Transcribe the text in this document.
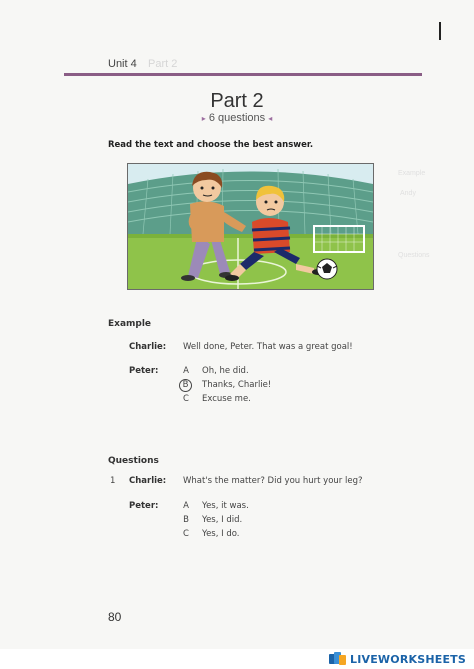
Unit 4 Part 2
Part 2
▸ 6 questions ◂
Read the text and choose the best answer.
Example
Andy
Questions
Example
Charlie: Well done, Peter. That was a great goal!
Peter:	A	Oh, he did.
B	Thanks, Charlie!
C	Excuse me.
Questions
1 Charlie: What's the matter? Did you hurt your leg?
Peter:	A	Yes, it was.
B	Yes, I did.
C	Yes, I do.
80
LIVEWORKSHEETS
